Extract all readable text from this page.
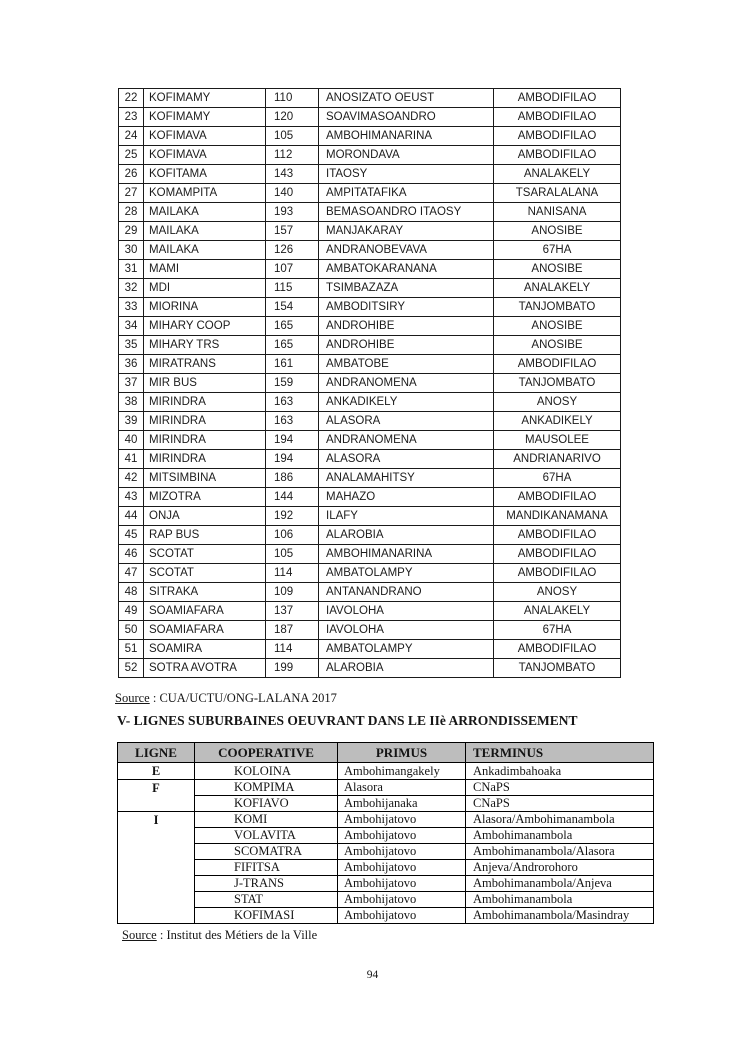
22	KOFIMAMY	110	ANOSIZATO OEUST	AMBODIFILAO
23	KOFIMAMY	120	SOAVIMASOANDRO	AMBODIFILAO
24	KOFIMAVA	105	AMBOHIMANARINA	AMBODIFILAO
25	KOFIMAVA	112	MORONDAVA	AMBODIFILAO
26	KOFITAMA	143	ITAOSY	ANALAKELY
27	KOMAMPITA	140	AMPITATAFIKA	TSARALALANA
28	MAILAKA	193	BEMASOANDRO ITAOSY	NANISANA
29	MAILAKA	157	MANJAKARAY	ANOSIBE
30	MAILAKA	126	ANDRANOBEVAVA	67HA
31	MAMI	107	AMBATOKARANANA	ANOSIBE
32	MDI	115	TSIMBAZAZA	ANALAKELY
33	MIORINA	154	AMBODITSIRY	TANJOMBATO
34	MIHARY COOP	165	ANDROHIBE	ANOSIBE
35	MIHARY TRS	165	ANDROHIBE	ANOSIBE
36	MIRATRANS	161	AMBATOBE	AMBODIFILAO
37	MIR BUS	159	ANDRANOMENA	TANJOMBATO
38	MIRINDRA	163	ANKADIKELY	ANOSY
39	MIRINDRA	163	ALASORA	ANKADIKELY
40	MIRINDRA	194	ANDRANOMENA	MAUSOLEE
41	MIRINDRA	194	ALASORA	ANDRIANARIVO
42	MITSIMBINA	186	ANALAMAHITSY	67HA
43	MIZOTRA	144	MAHAZO	AMBODIFILAO
44	ONJA	192	ILAFY	MANDIKANAMANA
45	RAP BUS	106	ALAROBIA	AMBODIFILAO
46	SCOTAT	105	AMBOHIMANARINA	AMBODIFILAO
47	SCOTAT	114	AMBATOLAMPY	AMBODIFILAO
48	SITRAKA	109	ANTANANDRANO	ANOSY
49	SOAMIAFARA	137	IAVOLOHA	ANALAKELY
50	SOAMIAFARA	187	IAVOLOHA	67HA
51	SOAMIRA	114	AMBATOLAMPY	AMBODIFILAO
52	SOTRA AVOTRA	199	ALAROBIA	TANJOMBATO
Source : CUA/UCTU/ONG-LALANA 2017
V- LIGNES SUBURBAINES OEUVRANT DANS LE IIè ARRONDISSEMENT
LIGNE	COOPERATIVE	PRIMUS	TERMINUS
E	KOLOINA	Ambohimangakely	Ankadimbahoaka
F	KOMPIMA	Alasora	CNaPS
	KOFIAVO	Ambohijanaka	CNaPS
I	KOMI	Ambohijatovo	Alasora/Ambohimanambola
	VOLAVITA	Ambohijatovo	Ambohimanambola
	SCOMATRA	Ambohijatovo	Ambohimanambola/Alasora
	FIFITSA	Ambohijatovo	Anjeva/Androrohoro
	J-TRANS	Ambohijatovo	Ambohimanambola/Anjeva
	STAT	Ambohijatovo	Ambohimanambola
	KOFIMASI	Ambohijatovo	Ambohimanambola/Masindray
Source : Institut des Métiers de la Ville
94
